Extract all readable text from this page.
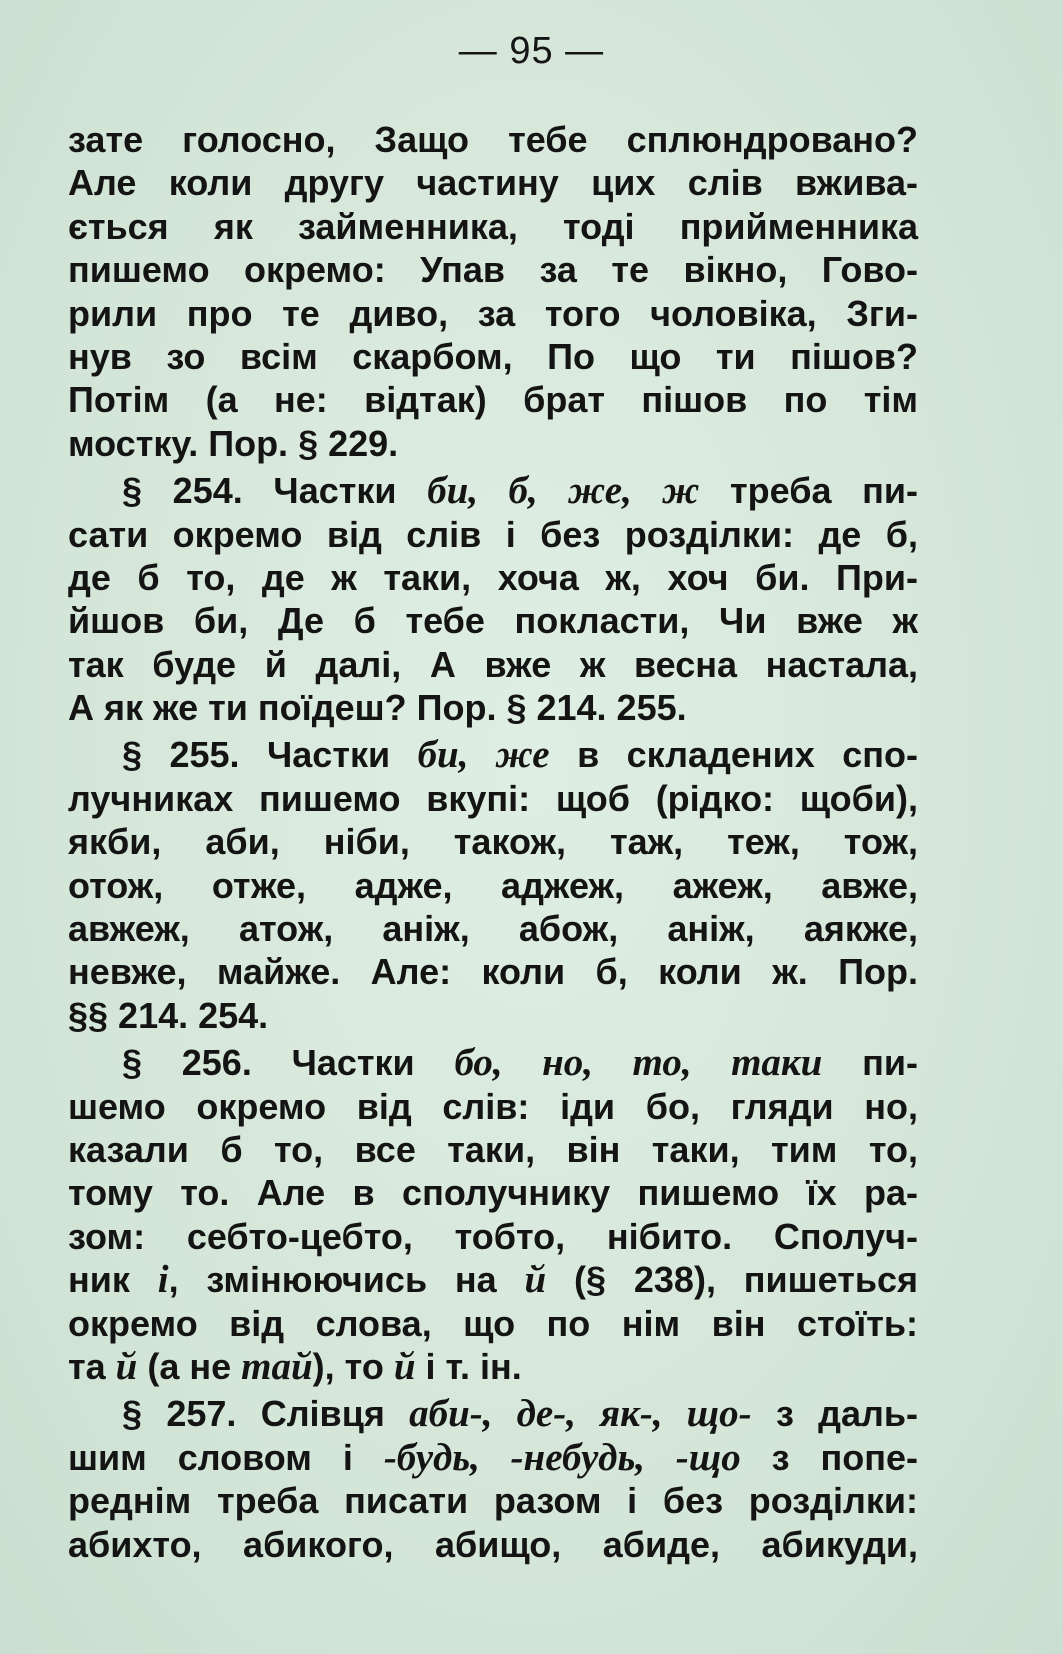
— 95 —
зате голосно, Защо тебе сплюндровано?
Але коли другу частину цих слів вжива-
ється як займенника, тоді прийменника
пишемо окремо: Упав за те вікно, Гово-
рили про те диво, за того чоловіка, Зги-
нув зо всім скарбом, По що ти пішов?
Потім (а не: відтак) брат пішов по тім
мостку. Пор. § 229.
§ 254. Частки би, б, же, ж треба пи-
сати окремо від слів і без розділки: де б,
де б то, де ж таки, хоча ж, хоч би. При-
йшов би, Де б тебе покласти, Чи вже ж
так буде й далі, А вже ж весна настала,
А як же ти поїдеш? Пор. § 214. 255.
§ 255. Частки би, же в складених спо-
лучниках пишемо вкупі: щоб (рідко: щоби),
якби, аби, ніби, також, таж, теж, тож,
отож, отже, адже, аджеж, ажеж, авже,
авжеж, атож, аніж, абож, аніж, аякже,
невже, майже. Але: коли б, коли ж. Пор.
§§ 214. 254.
§ 256. Частки бо, но, то, таки пи-
шемо окремо від слів: іди бо, гляди но,
казали б то, все таки, він таки, тим то,
тому то. Але в сполучнику пишемо їх ра-
зом: себто-цебто, тобто, нібито. Сполуч-
ник і, змінюючись на й (§ 238), пишеться
окремо від слова, що по нім він стоїть:
та й (а не тай), то й і т. ін.
§ 257. Слівця аби-, де-, як-, що- з даль-
шим словом і -будь, -небудь, -що з попе-
реднім треба писати разом і без розділки:
абихто, абикого, абищо, абиде, абикуди,
